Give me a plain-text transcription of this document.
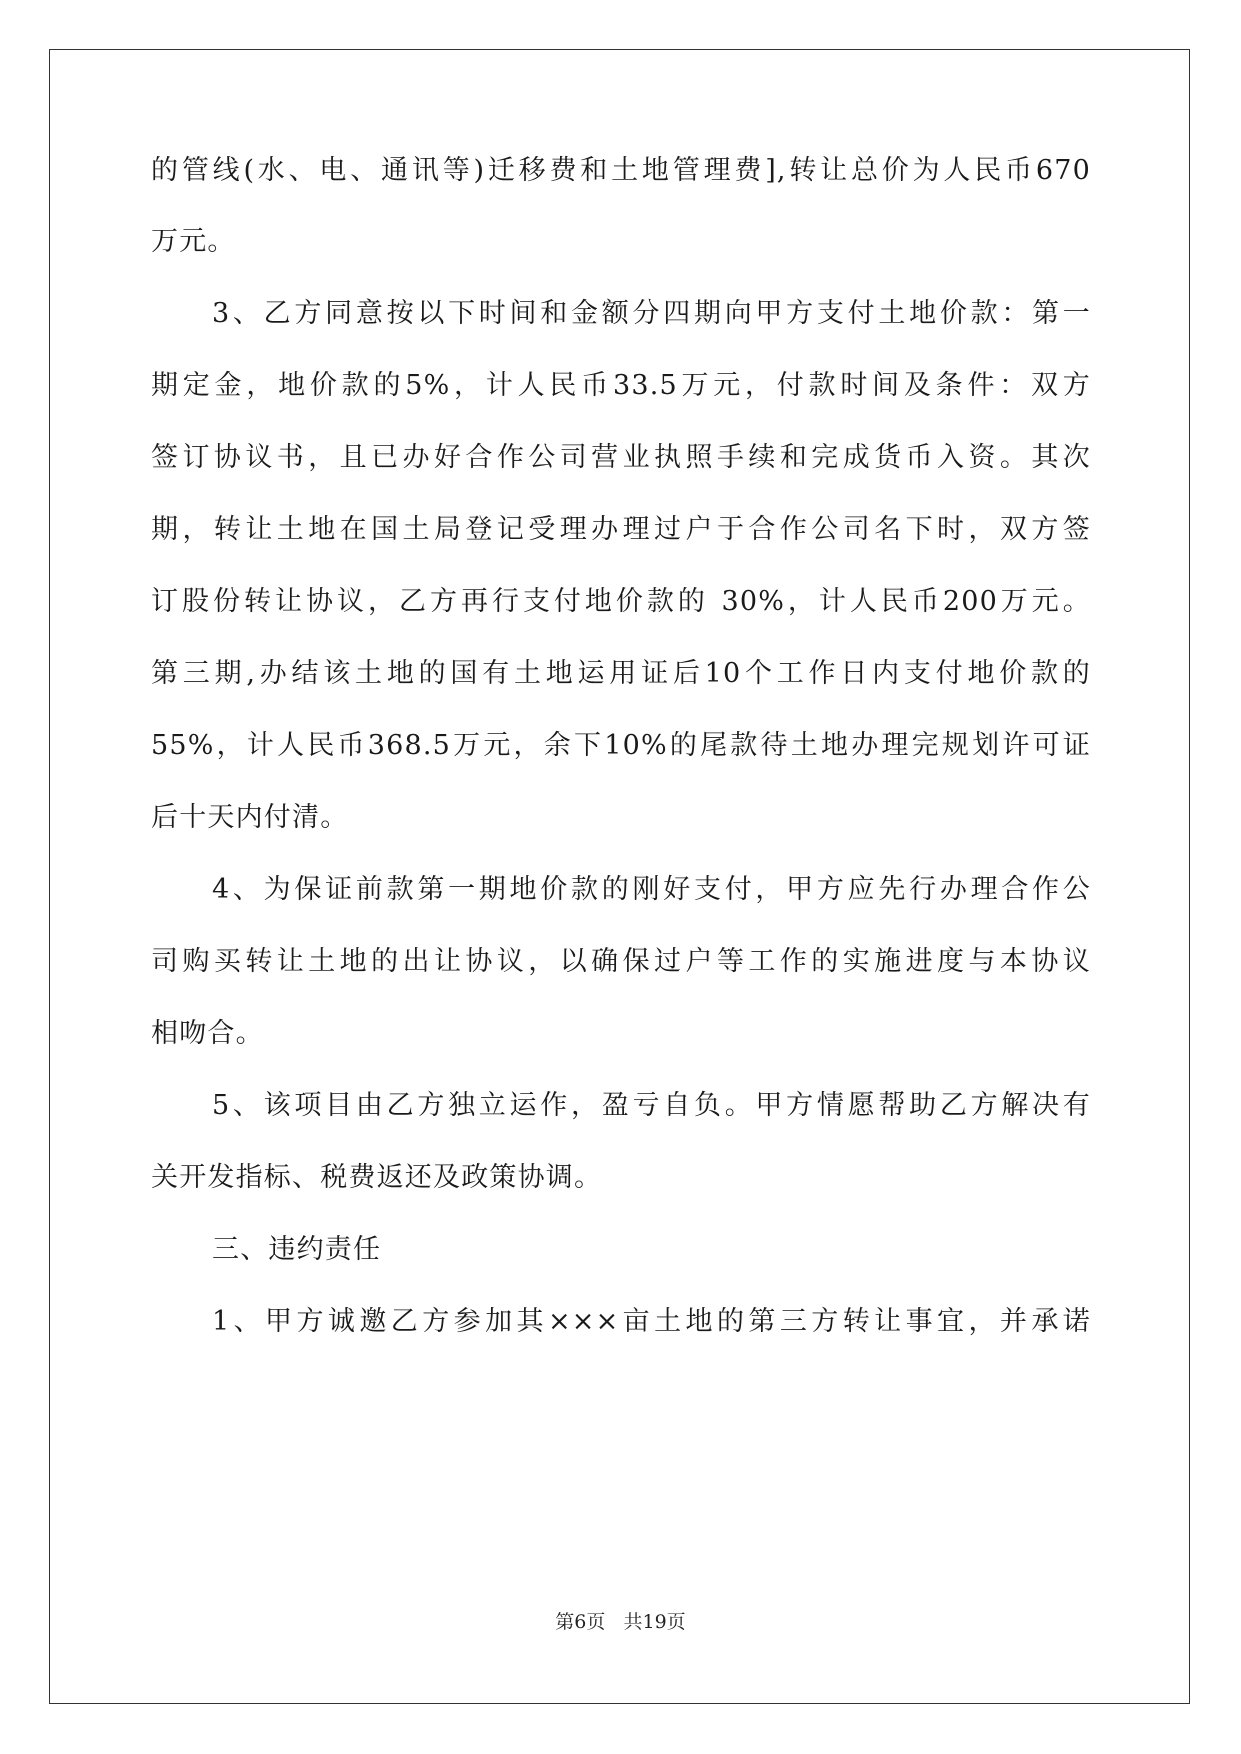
的管线(水、电、通讯等)迁移费和土地管理费],转让总价为人民币670
万元。
3、乙方同意按以下时间和金额分四期向甲方支付土地价款：第一
期定金，地价款的5%，计人民币33.5万元，付款时间及条件：双方
签订协议书，且已办好合作公司营业执照手续和完成货币入资。其次
期，转让土地在国土局登记受理办理过户于合作公司名下时，双方签
订股份转让协议，乙方再行支付地价款的 30%，计人民币200万元。
第三期,办结该土地的国有土地运用证后10个工作日内支付地价款的
55%，计人民币368.5万元，余下10%的尾款待土地办理完规划许可证
后十天内付清。
4、为保证前款第一期地价款的刚好支付，甲方应先行办理合作公
司购买转让土地的出让协议，以确保过户等工作的实施进度与本协议
相吻合。
5、该项目由乙方独立运作，盈亏自负。甲方情愿帮助乙方解决有
关开发指标、税费返还及政策协调。
三、违约责任
1、甲方诚邀乙方参加其×××亩土地的第三方转让事宜，并承诺
第6页   共19页
